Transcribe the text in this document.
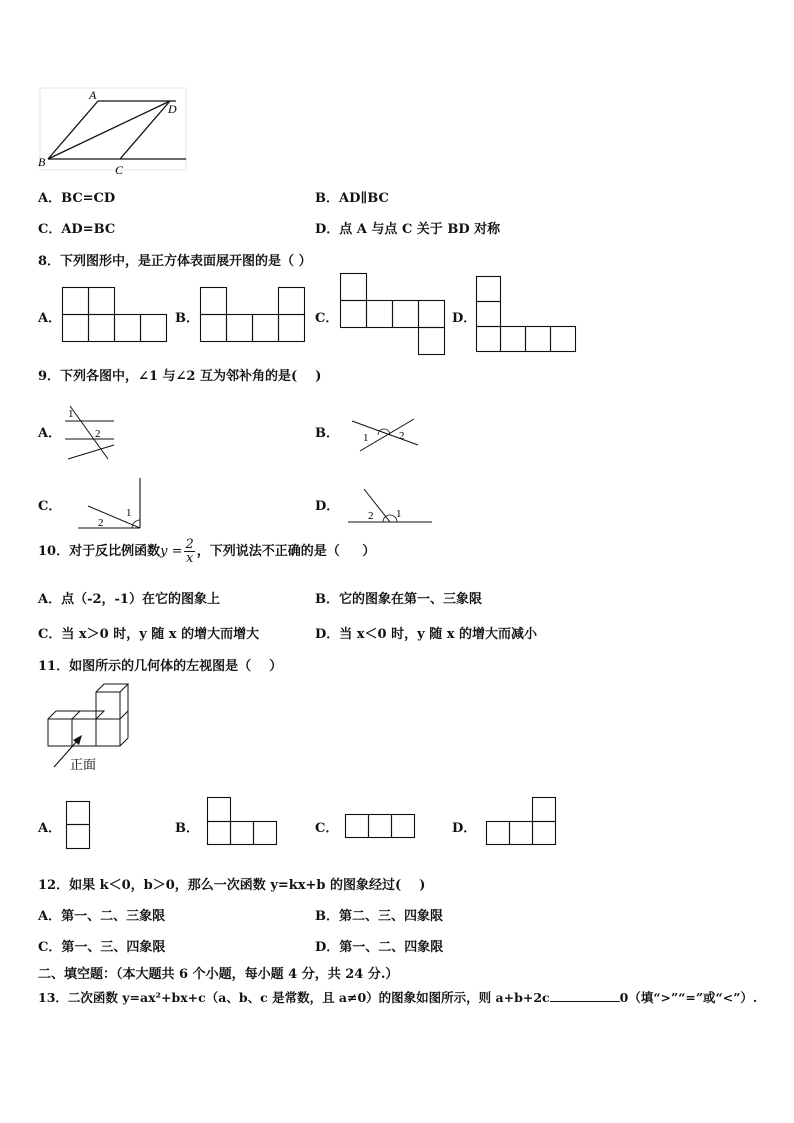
A
D
B
C
A．BC=CD	B．AD∥BC
C．AD=BC	D．点 A 与点 C 关于 BD 对称
8．下列图形中，是正方体表面展开图的是（ ）
A．	B．	C．	D．
9．下列各图中，∠1 与∠2 互为邻补角的是(    )
A．
1
2	B． 1	2
C．	1
2
D．
2 1
10．对于反比例函数$y = \frac{2}{x}$ ，下列说法不正确的是（     ）
A．点（-2，-1）在它的图象上	B．它的图象在第一、三象限
C．当 x＞0 时，y 随 x 的增大而增大	D．当 x＜0 时，y 随 x 的增大而减小
11．如图所示的几何体的左视图是（    ）
正面
A．	B．	C．	D．
12．如果 k＜0，b＞0，那么一次函数 y=kx+b 的图象经过(    )
A．第一、二、三象限	B．第二、三、四象限
C．第一、三、四象限	D．第一、二、四象限
二、填空题：（本大题共 6 个小题，每小题 4 分，共 24 分.）
13．二次函数 y=ax²+bx+c（a、b、c 是常数，且 a≠0）的图象如图所示，则 a+b+2c	0（填“>”“=”或“<”）.
